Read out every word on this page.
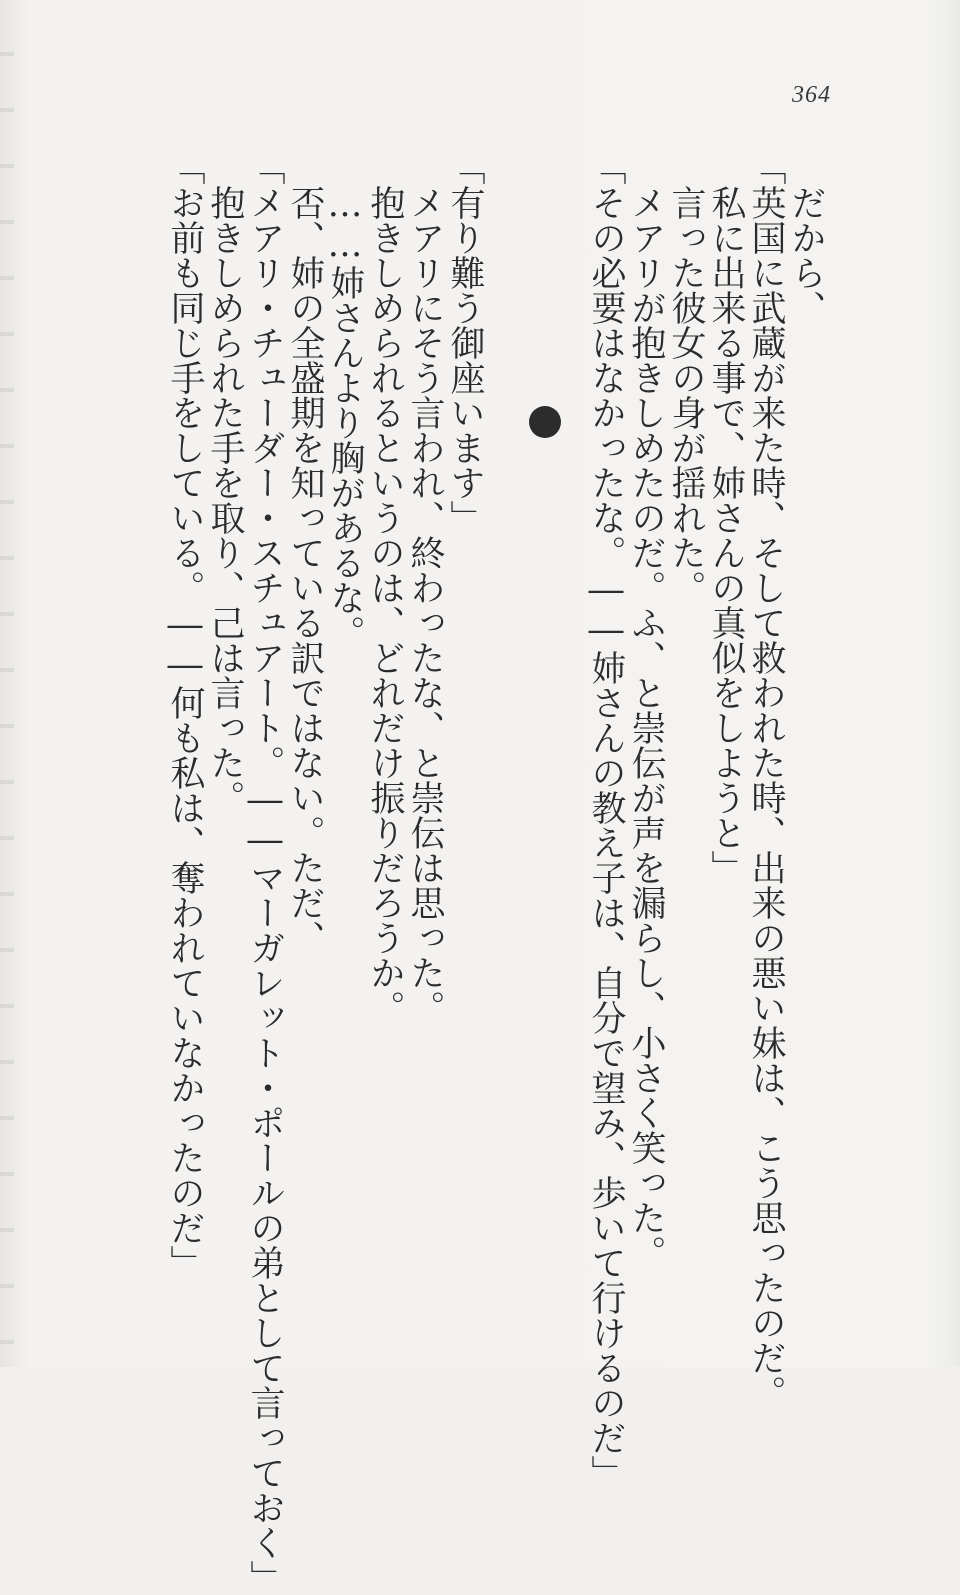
364
　だから、
「英国に武蔵が来た時、そして救われた時、出来の悪い妹は、こう思ったのだ。
　私に出来る事で、姉さんの真似をしようと」
　言った彼女の身が揺れた。
　メアリが抱きしめたのだ。ふ、と崇伝が声を漏らし、小さく笑った。
「その必要はなかったな。――姉さんの教え子は、自分で望み、歩いて行けるのだ」
「有り難う御座います」
　メアリにそう言われ、終わったな、と崇伝は思った。
　抱きしめられるというのは、どれだけ振りだろうか。
　……姉さんより胸があるな。
　否、姉の全盛期を知っている訳ではない。ただ、
「メアリ・チューダー・スチュアート。――マーガレット・ポールの弟として言っておく」
　抱きしめられた手を取り、己は言った。
「お前も同じ手をしている。――何も私は、奪われていなかったのだ」
